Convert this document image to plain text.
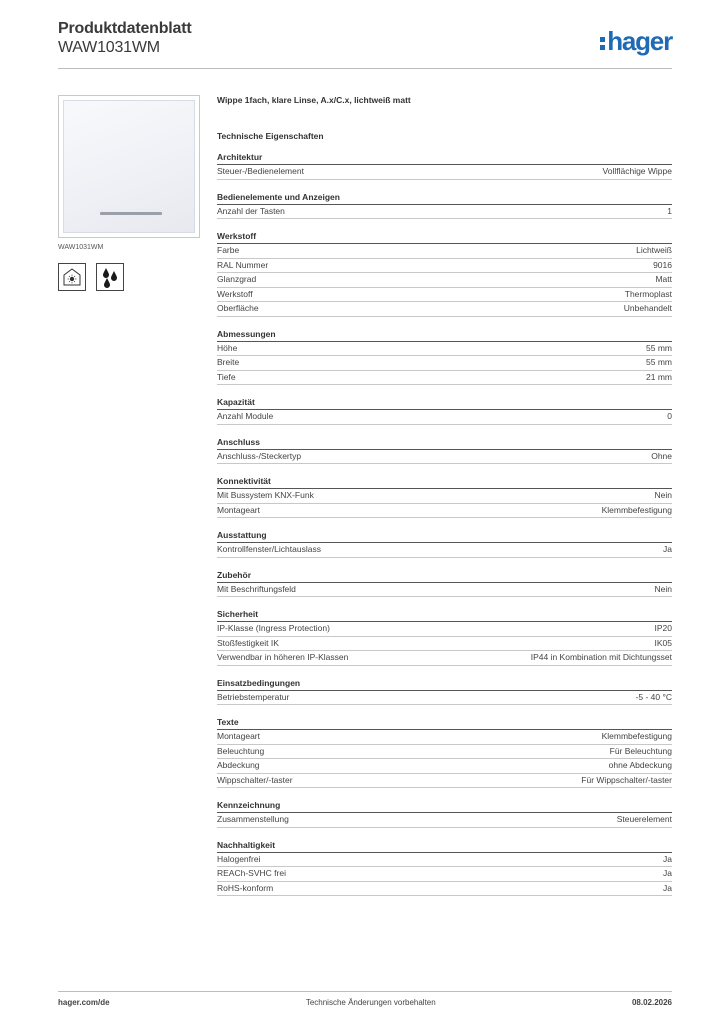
Produktdatenblatt
WAW1031WM	hager
WAW1031WM
Wippe 1fach, klare Linse, A.x/C.x, lichtweiß matt
Technische Eigenschaften
Architektur
Steuer-/Bedienelement	Vollflächige Wippe
Bedienelemente und Anzeigen
Anzahl der Tasten	1
Werkstoff
Farbe	Lichtweiß
RAL Nummer	9016
Glanzgrad	Matt
Werkstoff	Thermoplast
Oberfläche	Unbehandelt
Abmessungen
Höhe	55 mm
Breite	55 mm
Tiefe	21 mm
Kapazität
Anzahl Module	0
Anschluss
Anschluss-/Steckertyp	Ohne
Konnektivität
Mit Bussystem KNX-Funk	Nein
Montageart	Klemmbefestigung
Ausstattung
Kontrollfenster/Lichtauslass	Ja
Zubehör
Mit Beschriftungsfeld	Nein
Sicherheit
IP-Klasse (Ingress Protection)	IP20
Stoßfestigkeit IK	IK05
Verwendbar in höheren IP-Klassen	IP44 in Kombination mit Dichtungsset
Einsatzbedingungen
Betriebstemperatur	-5 - 40 °C
Texte
Montageart	Klemmbefestigung
Beleuchtung	Für Beleuchtung
Abdeckung	ohne Abdeckung
Wippschalter/-taster	Für Wippschalter/-taster
Kennzeichnung
Zusammenstellung	Steuerelement
Nachhaltigkeit
Halogenfrei	Ja
REACh-SVHC frei	Ja
RoHS-konform	Ja
hager.com/de	Technische Änderungen vorbehalten	08.02.2026
